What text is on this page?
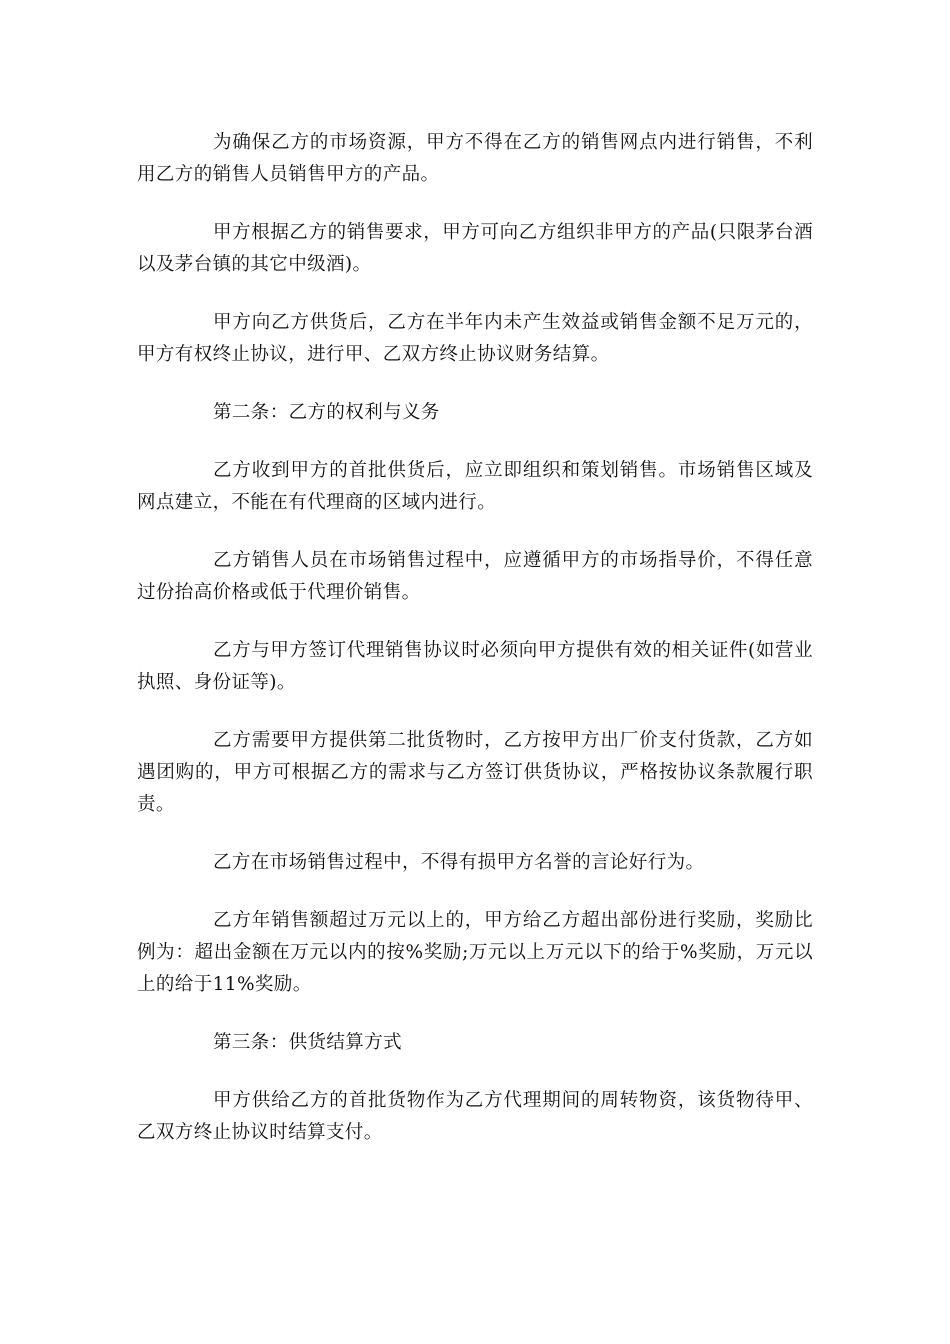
为确保乙方的市场资源，甲方不得在乙方的销售网点内进行销售，不利用乙方的销售人员销售甲方的产品。

甲方根据乙方的销售要求，甲方可向乙方组织非甲方的产品(只限茅台酒以及茅台镇的其它中级酒)。

甲方向乙方供货后，乙方在半年内未产生效益或销售金额不足万元的，甲方有权终止协议，进行甲、乙双方终止协议财务结算。

第二条：乙方的权利与义务

乙方收到甲方的首批供货后，应立即组织和策划销售。市场销售区域及网点建立，不能在有代理商的区域内进行。

乙方销售人员在市场销售过程中，应遵循甲方的市场指导价，不得任意过份抬高价格或低于代理价销售。

乙方与甲方签订代理销售协议时必须向甲方提供有效的相关证件(如营业执照、身份证等)。

乙方需要甲方提供第二批货物时，乙方按甲方出厂价支付货款，乙方如遇团购的，甲方可根据乙方的需求与乙方签订供货协议，严格按协议条款履行职责。

乙方在市场销售过程中，不得有损甲方名誉的言论好行为。

乙方年销售额超过万元以上的，甲方给乙方超出部份进行奖励，奖励比例为：超出金额在万元以内的按%奖励;万元以上万元以下的给于%奖励，万元以上的给于11%奖励。

第三条：供货结算方式

甲方供给乙方的首批货物作为乙方代理期间的周转物资，该货物待甲、乙双方终止协议时结算支付。
